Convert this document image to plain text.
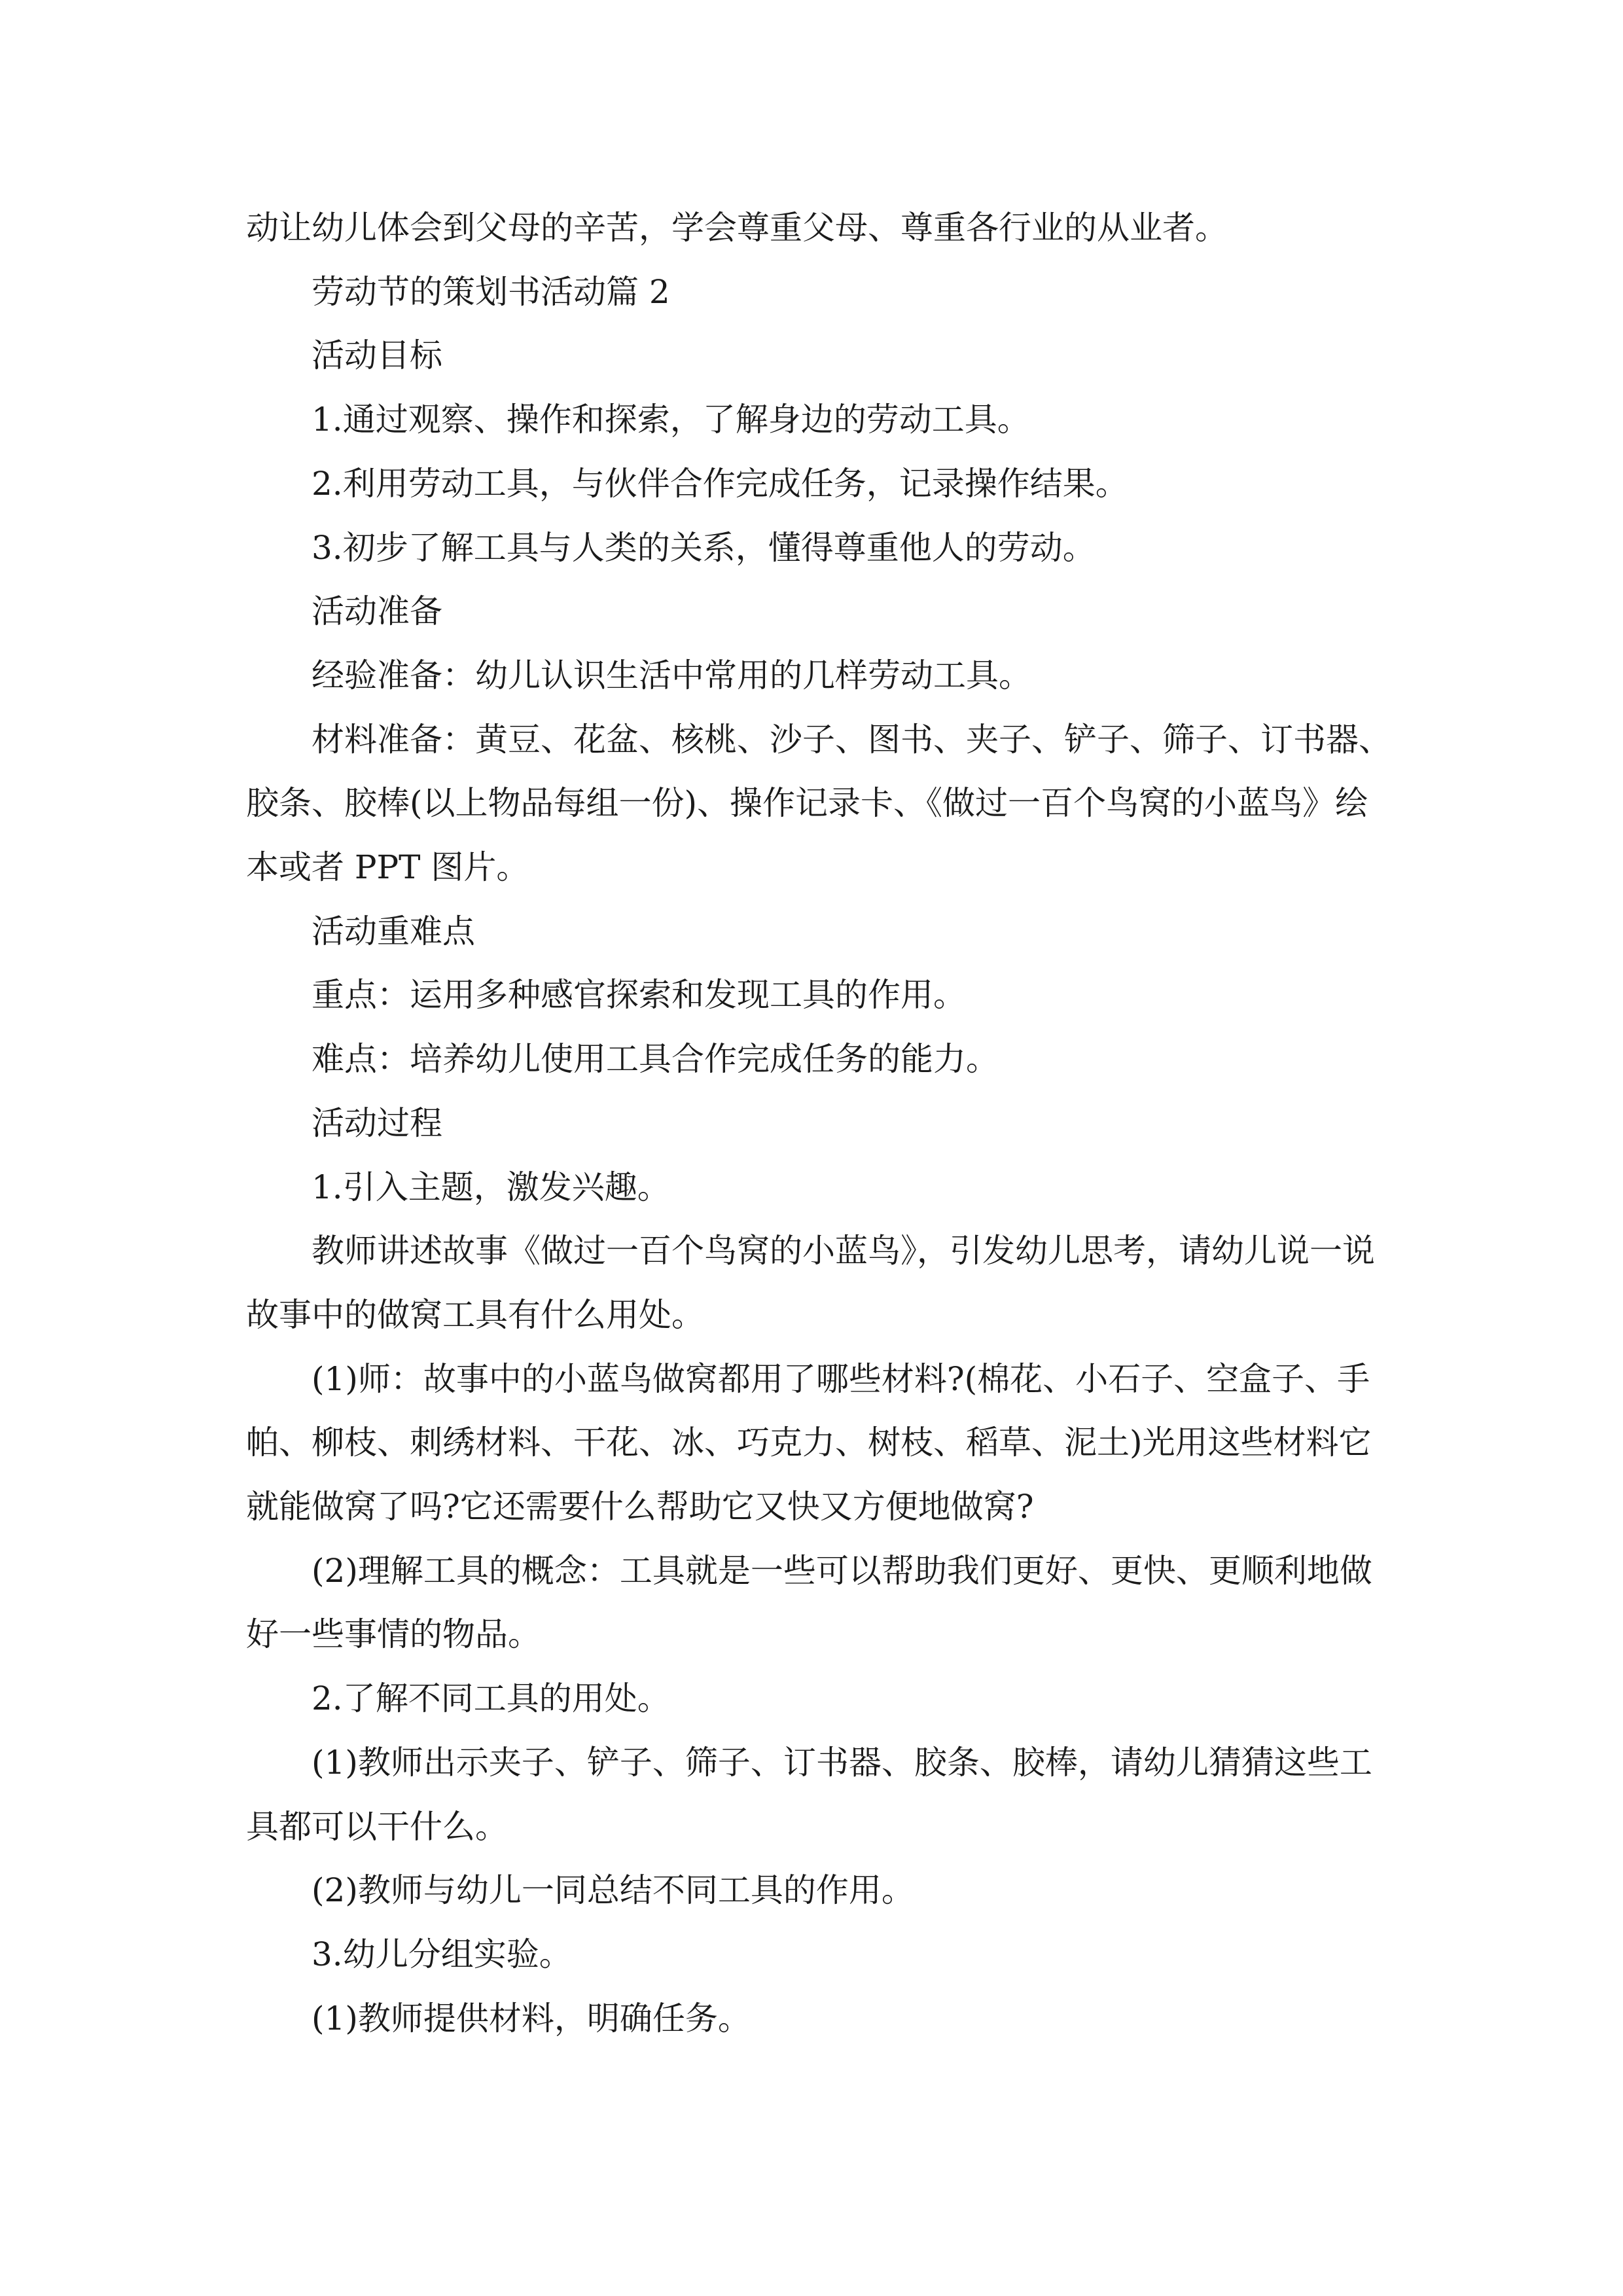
动让幼儿体会到父母的辛苦，学会尊重父母、尊重各行业的从业者。

劳动节的策划书活动篇 2

活动目标

1.通过观察、操作和探索，了解身边的劳动工具。

2.利用劳动工具，与伙伴合作完成任务，记录操作结果。

3.初步了解工具与人类的关系，懂得尊重他人的劳动。

活动准备

经验准备：幼儿认识生活中常用的几样劳动工具。

材料准备：黄豆、花盆、核桃、沙子、图书、夹子、铲子、筛子、订书器、胶条、胶棒(以上物品每组一份)、操作记录卡、《做过一百个鸟窝的小蓝鸟》绘本或者 PPT 图片。

活动重难点

重点：运用多种感官探索和发现工具的作用。

难点：培养幼儿使用工具合作完成任务的能力。

活动过程

1.引入主题，激发兴趣。

教师讲述故事《做过一百个鸟窝的小蓝鸟》，引发幼儿思考，请幼儿说一说故事中的做窝工具有什么用处。

(1)师：故事中的小蓝鸟做窝都用了哪些材料?(棉花、小石子、空盒子、手帕、柳枝、刺绣材料、干花、冰、巧克力、树枝、稻草、泥土)光用这些材料它就能做窝了吗?它还需要什么帮助它又快又方便地做窝?

(2)理解工具的概念：工具就是一些可以帮助我们更好、更快、更顺利地做好一些事情的物品。

2.了解不同工具的用处。

(1)教师出示夹子、铲子、筛子、订书器、胶条、胶棒，请幼儿猜猜这些工具都可以干什么。

(2)教师与幼儿一同总结不同工具的作用。

3.幼儿分组实验。

(1)教师提供材料，明确任务。
